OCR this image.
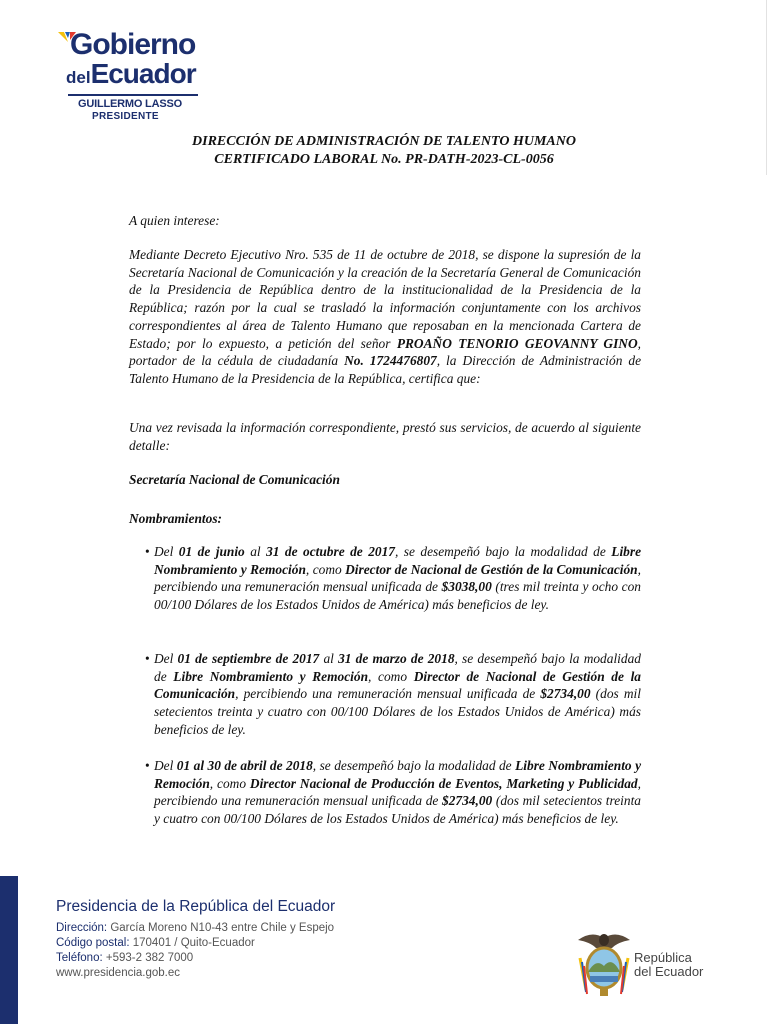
Gobierno
delEcuador
GUILLERMO LASSO
PRESIDENTE
DIRECCIÓN DE ADMINISTRACIÓN DE TALENTO HUMANO
CERTIFICADO LABORAL No. PR-DATH-2023-CL-0056
A quien interese:
Mediante Decreto Ejecutivo Nro. 535 de 11 de octubre de 2018, se dispone la supresión de la Secretaría Nacional de Comunicación y la creación de la Secretaría General de Comunicación de la Presidencia de República dentro de la institucionalidad de la Presidencia de la República; razón por la cual se trasladó la información conjuntamente con los archivos correspondientes al área de Talento Humano que reposaban en la mencionada Cartera de Estado; por lo expuesto, a petición del señor PROAÑO TENORIO GEOVANNY GINO, portador de la cédula de ciudadanía No. 1724476807, la Dirección de Administración de Talento Humano de la Presidencia de la República, certifica que:
Una vez revisada la información correspondiente, prestó sus servicios, de acuerdo al siguiente detalle:
Secretaría Nacional de Comunicación
Nombramientos:
• Del 01 de junio al 31 de octubre de 2017, se desempeñó bajo la modalidad de Libre Nombramiento y Remoción, como Director de Nacional de Gestión de la Comunicación, percibiendo una remuneración mensual unificada de $3038,00 (tres mil treinta y ocho con 00/100 Dólares de los Estados Unidos de América) más beneficios de ley.
• Del 01 de septiembre de 2017 al 31 de marzo de 2018, se desempeñó bajo la modalidad de Libre Nombramiento y Remoción, como Director de Nacional de Gestión de la Comunicación, percibiendo una remuneración mensual unificada de $2734,00 (dos mil setecientos treinta y cuatro con 00/100 Dólares de los Estados Unidos de América) más beneficios de ley.
• Del 01 al 30 de abril de 2018, se desempeñó bajo la modalidad de Libre Nombramiento y Remoción, como Director Nacional de Producción de Eventos, Marketing y Publicidad, percibiendo una remuneración mensual unificada de $2734,00 (dos mil setecientos treinta y cuatro con 00/100 Dólares de los Estados Unidos de América) más beneficios de ley.
Presidencia de la República del Ecuador
Dirección: García Moreno N10-43 entre Chile y Espejo
Código postal: 170401 / Quito-Ecuador
Teléfono: +593-2 382 7000
www.presidencia.gob.ec
República
del Ecuador
